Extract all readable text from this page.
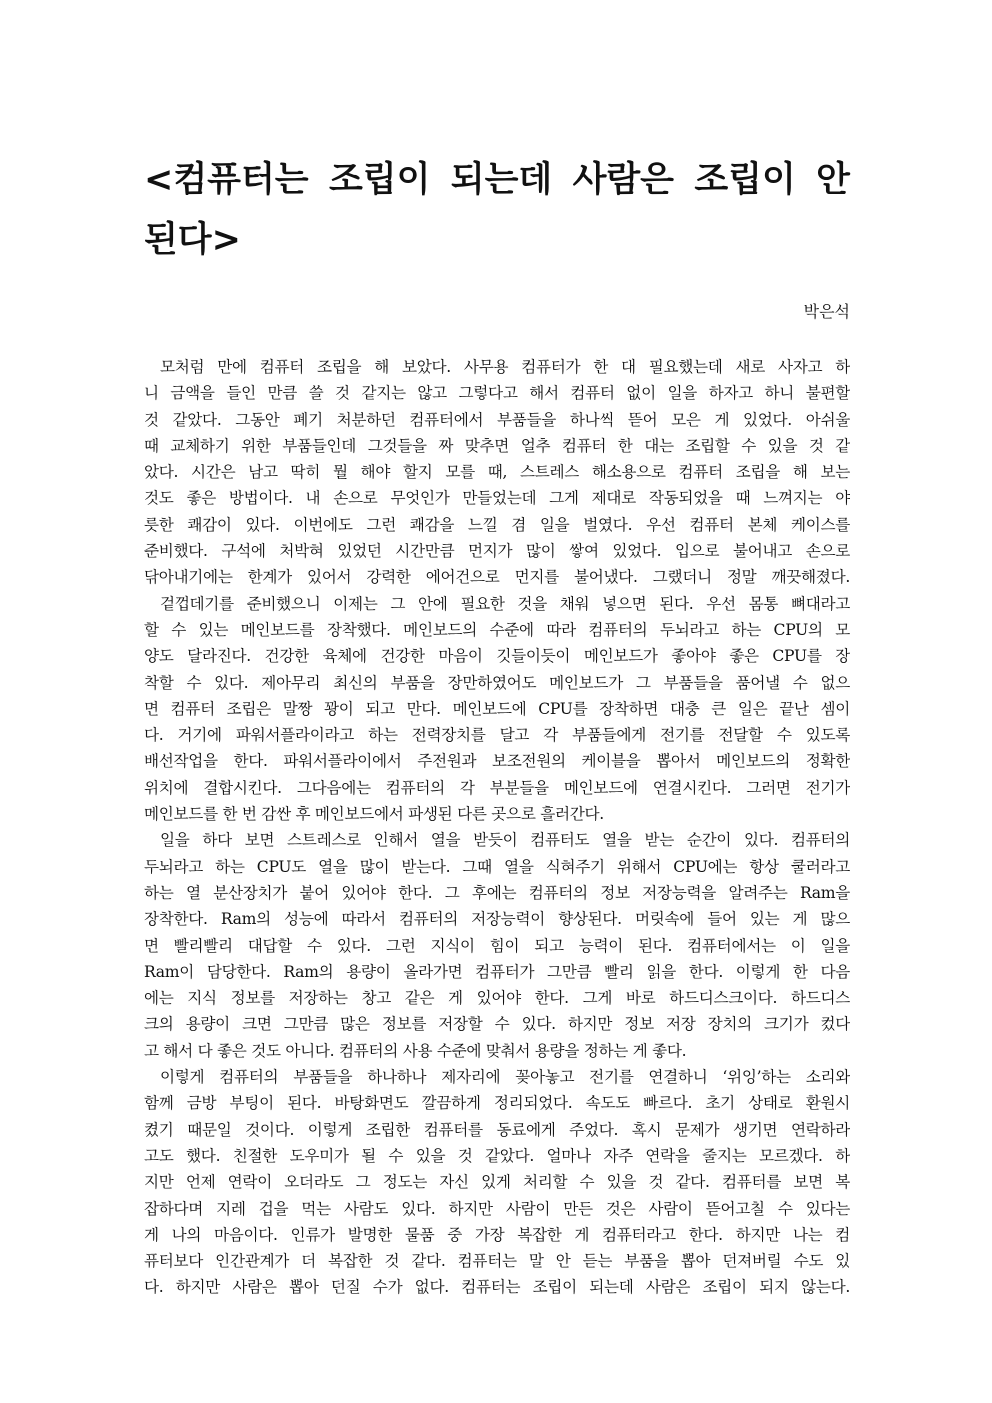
<컴퓨터는 조립이 되는데 사람은 조립이 안 된다>
박은석
모처럼 만에 컴퓨터 조립을 해 보았다. 사무용 컴퓨터가 한 대 필요했는데 새로 사자고 하
니 금액을 들인 만큼 쓸 것 같지는 않고 그렇다고 해서 컴퓨터 없이 일을 하자고 하니 불편할
것 같았다. 그동안 폐기 처분하던 컴퓨터에서 부품들을 하나씩 뜯어 모은 게 있었다. 아쉬울
때 교체하기 위한 부품들인데 그것들을 짜 맞추면 얼추 컴퓨터 한 대는 조립할 수 있을 것 같
았다. 시간은 남고 딱히 뭘 해야 할지 모를 때, 스트레스 해소용으로 컴퓨터 조립을 해 보는
것도 좋은 방법이다. 내 손으로 무엇인가 만들었는데 그게 제대로 작동되었을 때 느껴지는 야
릇한 쾌감이 있다. 이번에도 그런 쾌감을 느낄 겸 일을 벌였다. 우선 컴퓨터 본체 케이스를
준비했다. 구석에 처박혀 있었던 시간만큼 먼지가 많이 쌓여 있었다. 입으로 불어내고 손으로
닦아내기에는 한계가 있어서 강력한 에어건으로 먼지를 불어냈다. 그랬더니 정말 깨끗해졌다.
겉껍데기를 준비했으니 이제는 그 안에 필요한 것을 채워 넣으면 된다. 우선 몸통 뼈대라고
할 수 있는 메인보드를 장착했다. 메인보드의 수준에 따라 컴퓨터의 두뇌라고 하는 CPU의 모
양도 달라진다. 건강한 육체에 건강한 마음이 깃들이듯이 메인보드가 좋아야 좋은 CPU를 장
착할 수 있다. 제아무리 최신의 부품을 장만하였어도 메인보드가 그 부품들을 품어낼 수 없으
면 컴퓨터 조립은 말짱 꽝이 되고 만다. 메인보드에 CPU를 장착하면 대충 큰 일은 끝난 셈이
다. 거기에 파워서플라이라고 하는 전력장치를 달고 각 부품들에게 전기를 전달할 수 있도록
배선작업을 한다. 파워서플라이에서 주전원과 보조전원의 케이블을 뽑아서 메인보드의 정확한
위치에 결합시킨다. 그다음에는 컴퓨터의 각 부분들을 메인보드에 연결시킨다. 그러면 전기가
메인보드를 한 번 감싼 후 메인보드에서 파생된 다른 곳으로 흘러간다.
일을 하다 보면 스트레스로 인해서 열을 받듯이 컴퓨터도 열을 받는 순간이 있다. 컴퓨터의
두뇌라고 하는 CPU도 열을 많이 받는다. 그때 열을 식혀주기 위해서 CPU에는 항상 쿨러라고
하는 열 분산장치가 붙어 있어야 한다. 그 후에는 컴퓨터의 정보 저장능력을 알려주는 Ram을
장착한다. Ram의 성능에 따라서 컴퓨터의 저장능력이 향상된다. 머릿속에 들어 있는 게 많으
면 빨리빨리 대답할 수 있다. 그런 지식이 힘이 되고 능력이 된다. 컴퓨터에서는 이 일을
Ram이 담당한다. Ram의 용량이 올라가면 컴퓨터가 그만큼 빨리 읽을 한다. 이렇게 한 다음
에는 지식 정보를 저장하는 창고 같은 게 있어야 한다. 그게 바로 하드디스크이다. 하드디스
크의 용량이 크면 그만큼 많은 정보를 저장할 수 있다. 하지만 정보 저장 장치의 크기가 컸다
고 해서 다 좋은 것도 아니다. 컴퓨터의 사용 수준에 맞춰서 용량을 정하는 게 좋다.
이렇게 컴퓨터의 부품들을 하나하나 제자리에 꽂아놓고 전기를 연결하니 ‘위잉’하는 소리와
함께 금방 부팅이 된다. 바탕화면도 깔끔하게 정리되었다. 속도도 빠르다. 초기 상태로 환원시
켰기 때문일 것이다. 이렇게 조립한 컴퓨터를 동료에게 주었다. 혹시 문제가 생기면 연락하라
고도 했다. 친절한 도우미가 될 수 있을 것 같았다. 얼마나 자주 연락을 줄지는 모르겠다. 하
지만 언제 연락이 오더라도 그 정도는 자신 있게 처리할 수 있을 것 같다. 컴퓨터를 보면 복
잡하다며 지레 겁을 먹는 사람도 있다. 하지만 사람이 만든 것은 사람이 뜯어고칠 수 있다는
게 나의 마음이다. 인류가 발명한 물품 중 가장 복잡한 게 컴퓨터라고 한다. 하지만 나는 컴
퓨터보다 인간관계가 더 복잡한 것 같다. 컴퓨터는 말 안 듣는 부품을 뽑아 던져버릴 수도 있
다. 하지만 사람은 뽑아 던질 수가 없다. 컴퓨터는 조립이 되는데 사람은 조립이 되지 않는다.
